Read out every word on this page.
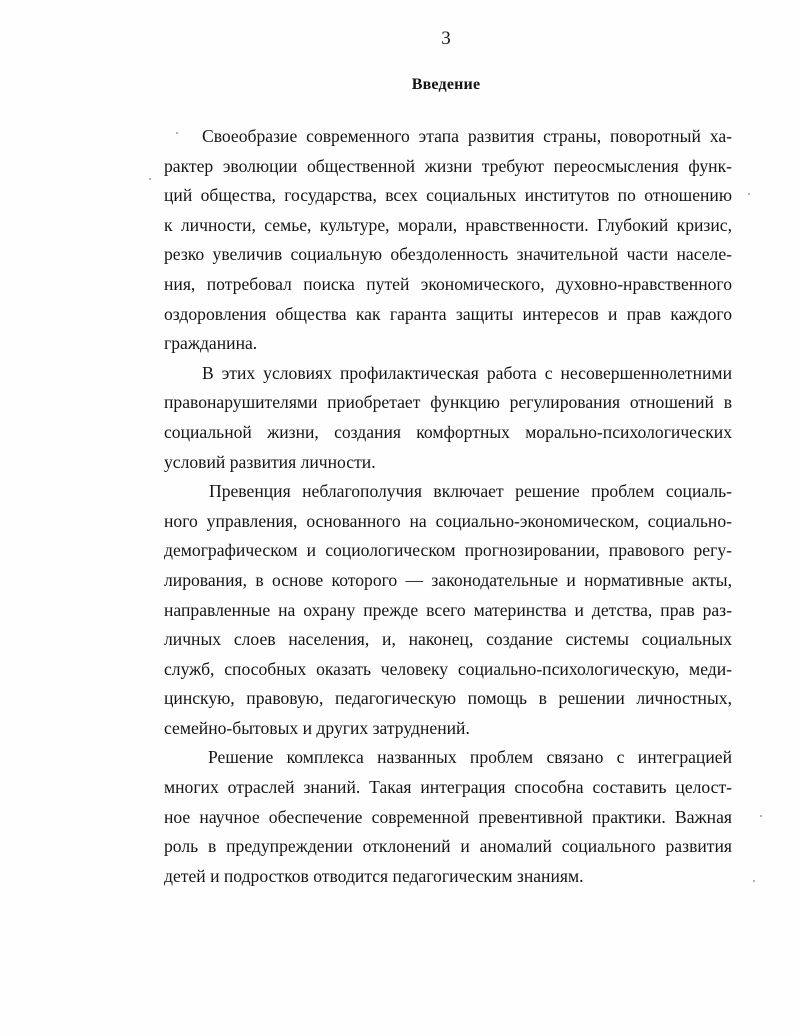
3
Введение
Своеобразие современного этапа развития страны, поворотный ха-
рактер эволюции общественной жизни требуют переосмысления функ-
ций общества, государства, всех социальных институтов по отношению
к личности, семье, культуре, морали, нравственности. Глубокий кризис,
резко увеличив социальную обездоленность значительной части населе-
ния, потребовал поиска путей экономического, духовно-нравственного
оздоровления общества как гаранта защиты интересов и прав каждого
гражданина.
В этих условиях профилактическая работа с несовершеннолетними
правонарушителями приобретает функцию регулирования отношений в
социальной жизни, создания комфортных морально-психологических
условий развития личности.
Превенция неблагополучия включает решение проблем социаль-
ного управления, основанного на социально-экономическом, социально-
демографическом и социологическом прогнозировании, правового регу-
лирования, в основе которого — законодательные и нормативные акты,
направленные на охрану прежде всего материнства и детства, прав раз-
личных слоев населения, и, наконец, создание системы социальных
служб, способных оказать человеку социально-психологическую, меди-
цинскую, правовую, педагогическую помощь в решении личностных,
семейно-бытовых и других затруднений.
Решение комплекса названных проблем связано с интеграцией
многих отраслей знаний. Такая интеграция способна составить целост-
ное научное обеспечение современной превентивной практики. Важная
роль в предупреждении отклонений и аномалий социального развития
детей и подростков отводится педагогическим знаниям.
